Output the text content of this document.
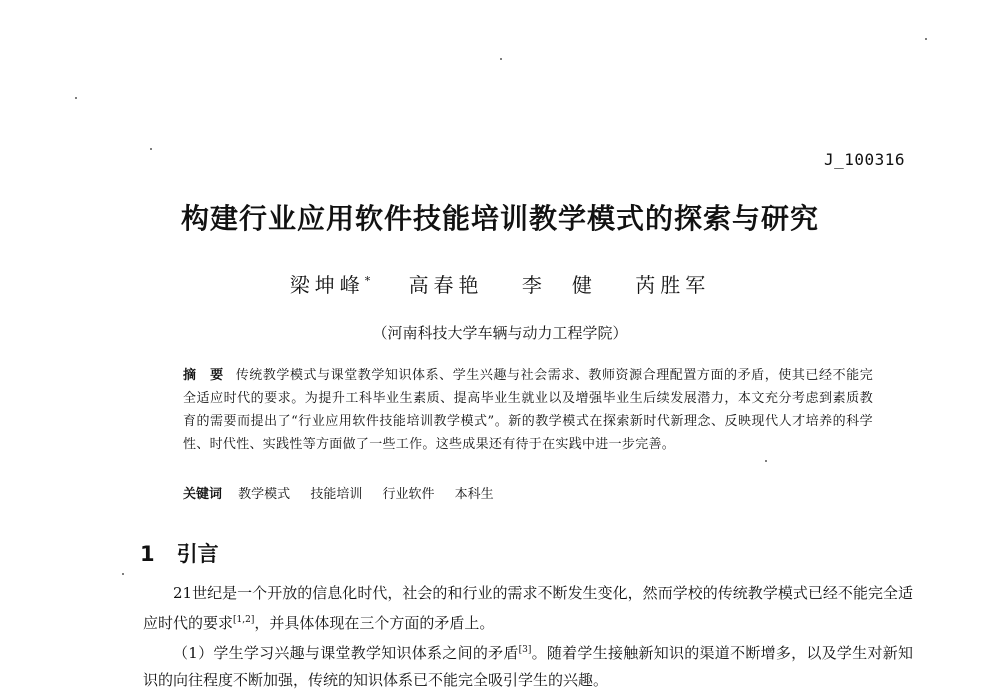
J_100316
构建行业应用软件技能培训教学模式的探索与研究
梁坤峰* 高春艳 李　健 芮胜军
（河南科技大学车辆与动力工程学院）
摘　要 传统教学模式与课堂教学知识体系、学生兴趣与社会需求、教师资源合理配置方面的矛盾，使其已经不能完全适应时代的要求。为提升工科毕业生素质、提高毕业生就业以及增强毕业生后续发展潜力，本文充分考虑到素质教育的需要而提出了“行业应用软件技能培训教学模式”。新的教学模式在探索新时代新理念、反映现代人才培养的科学性、时代性、实践性等方面做了一些工作。这些成果还有待于在实践中进一步完善。
关键词 教学模式 技能培训 行业软件 本科生
1 引言

21世纪是一个开放的信息化时代，社会的和行业的需求不断发生变化，然而学校的传统教学模式已经不能完全适应时代的要求[1,2]，并具体体现在三个方面的矛盾上。

（1）学生学习兴趣与课堂教学知识体系之间的矛盾[3]。随着学生接触新知识的渠道不断增多，以及学生对新知识的向往程度不断加强，传统的知识体系已不能完全吸引学生的兴趣。
